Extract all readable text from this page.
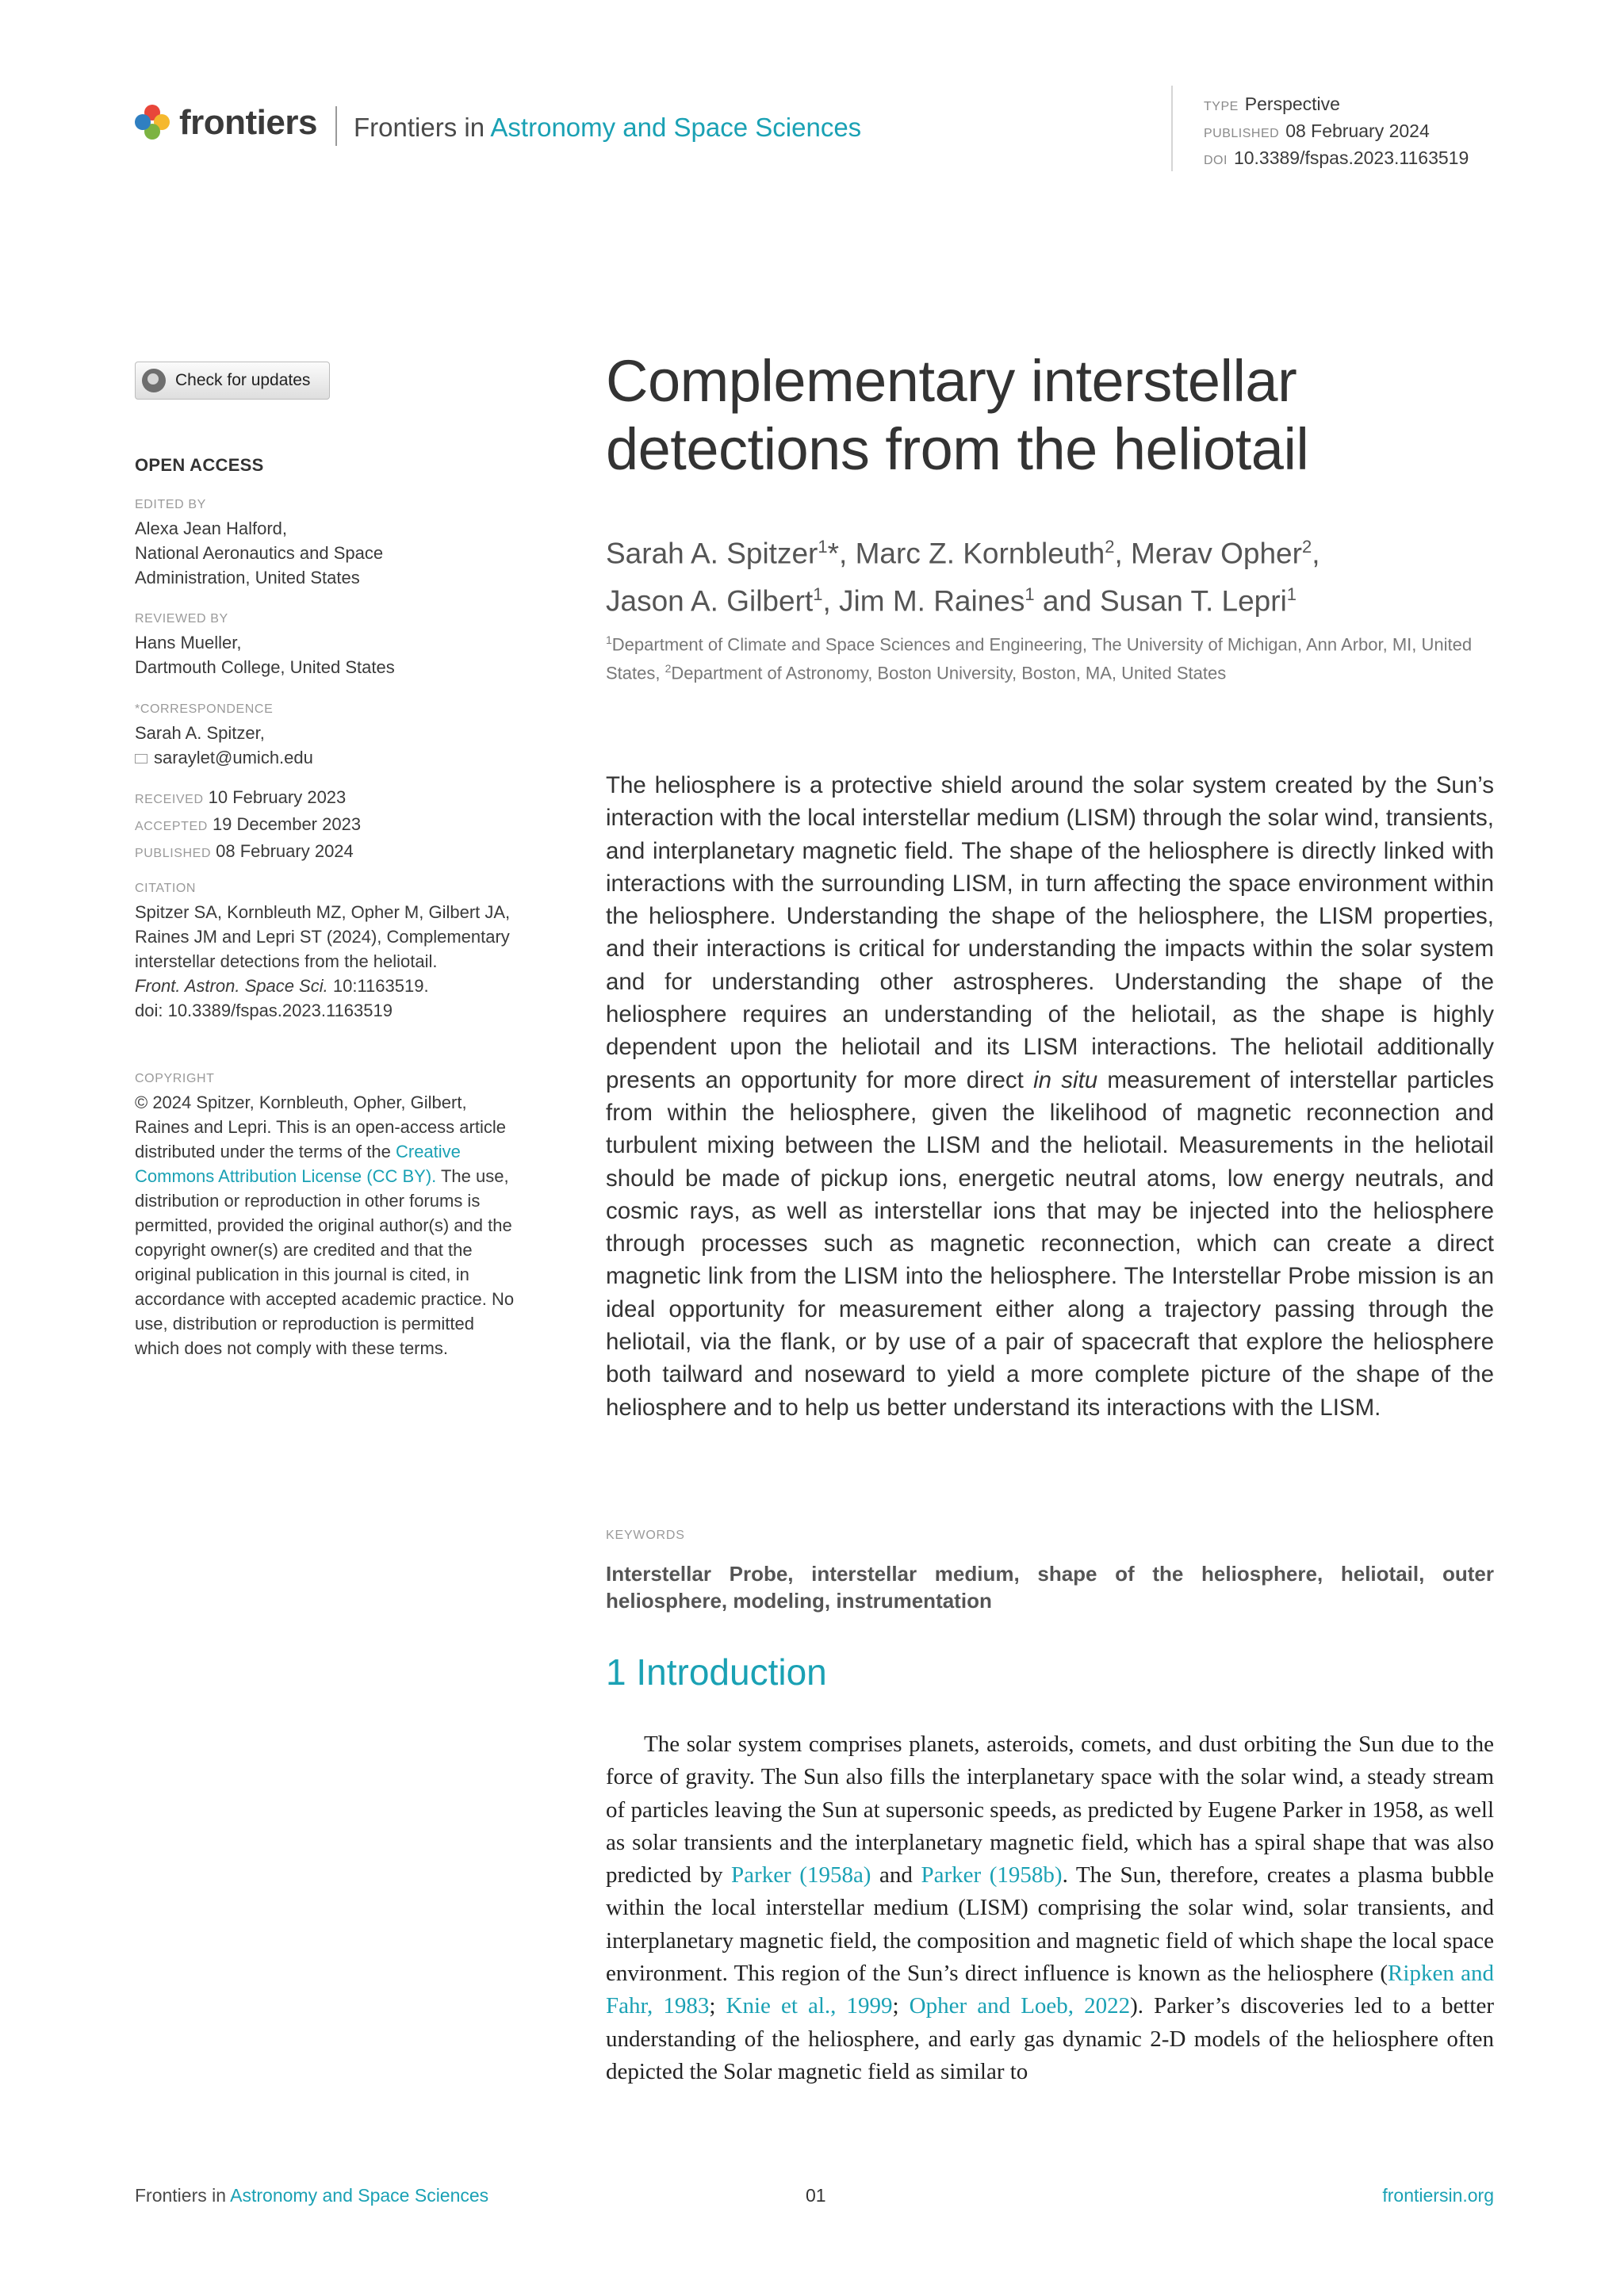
frontiers Frontiers in Astronomy and Space Sciences
TYPE Perspective
PUBLISHED 08 February 2024
DOI 10.3389/fspas.2023.1163519
Check for updates
OPEN ACCESS
EDITED BY
Alexa Jean Halford,
National Aeronautics and Space Administration, United States
REVIEWED BY
Hans Mueller,
Dartmouth College, United States
*CORRESPONDENCE
Sarah A. Spitzer,
saraylet@umich.edu
RECEIVED 10 February 2023
ACCEPTED 19 December 2023
PUBLISHED 08 February 2024
CITATION
Spitzer SA, Kornbleuth MZ, Opher M, Gilbert JA, Raines JM and Lepri ST (2024), Complementary interstellar detections from the heliotail.
Front. Astron. Space Sci. 10:1163519.
doi: 10.3389/fspas.2023.1163519
COPYRIGHT
© 2024 Spitzer, Kornbleuth, Opher, Gilbert, Raines and Lepri. This is an open-access article distributed under the terms of the Creative Commons Attribution License (CC BY). The use, distribution or reproduction in other forums is permitted, provided the original author(s) and the copyright owner(s) are credited and that the original publication in this journal is cited, in accordance with accepted academic practice. No use, distribution or reproduction is permitted which does not comply with these terms.
Complementary interstellar detections from the heliotail
Sarah A. Spitzer$^1$*, Marc Z. Kornbleuth$^2$, Merav Opher$^2$,
Jason A. Gilbert$^1$, Jim M. Raines$^1$ and Susan T. Lepri$^1$
$^1$Department of Climate and Space Sciences and Engineering, The University of Michigan, Ann Arbor, MI, United States, $^2$Department of Astronomy, Boston University, Boston, MA, United States
The heliosphere is a protective shield around the solar system created by the Sun’s interaction with the local interstellar medium (LISM) through the solar wind, transients, and interplanetary magnetic field. The shape of the heliosphere is directly linked with interactions with the surrounding LISM, in turn affecting the space environment within the heliosphere. Understanding the shape of the heliosphere, the LISM properties, and their interactions is critical for understanding the impacts within the solar system and for understanding other astrospheres. Understanding the shape of the heliosphere requires an understanding of the heliotail, as the shape is highly dependent upon the heliotail and its LISM interactions. The heliotail additionally presents an opportunity for more direct in situ measurement of interstellar particles from within the heliosphere, given the likelihood of magnetic reconnection and turbulent mixing between the LISM and the heliotail. Measurements in the heliotail should be made of pickup ions, energetic neutral atoms, low energy neutrals, and cosmic rays, as well as interstellar ions that may be injected into the heliosphere through processes such as magnetic reconnection, which can create a direct magnetic link from the LISM into the heliosphere. The Interstellar Probe mission is an ideal opportunity for measurement either along a trajectory passing through the heliotail, via the flank, or by use of a pair of spacecraft that explore the heliosphere both tailward and noseward to yield a more complete picture of the shape of the heliosphere and to help us better understand its interactions with the LISM.
KEYWORDS
Interstellar Probe, interstellar medium, shape of the heliosphere, heliotail, outer heliosphere, modeling, instrumentation
1 Introduction
The solar system comprises planets, asteroids, comets, and dust orbiting the Sun due to the force of gravity. The Sun also fills the interplanetary space with the solar wind, a steady stream of particles leaving the Sun at supersonic speeds, as predicted by Eugene Parker in 1958, as well as solar transients and the interplanetary magnetic field, which has a spiral shape that was also predicted by Parker (1958a) and Parker (1958b). The Sun, therefore, creates a plasma bubble within the local interstellar medium (LISM) comprising the solar wind, solar transients, and interplanetary magnetic field, the composition and magnetic field of which shape the local space environment. This region of the Sun’s direct influence is known as the heliosphere (Ripken and Fahr, 1983; Knie et al., 1999; Opher and Loeb, 2022). Parker’s discoveries led to a better understanding of the heliosphere, and early gas dynamic 2-D models of the heliosphere often depicted the Solar magnetic field as similar to
Frontiers in Astronomy and Space Sciences	01	frontiersin.org
